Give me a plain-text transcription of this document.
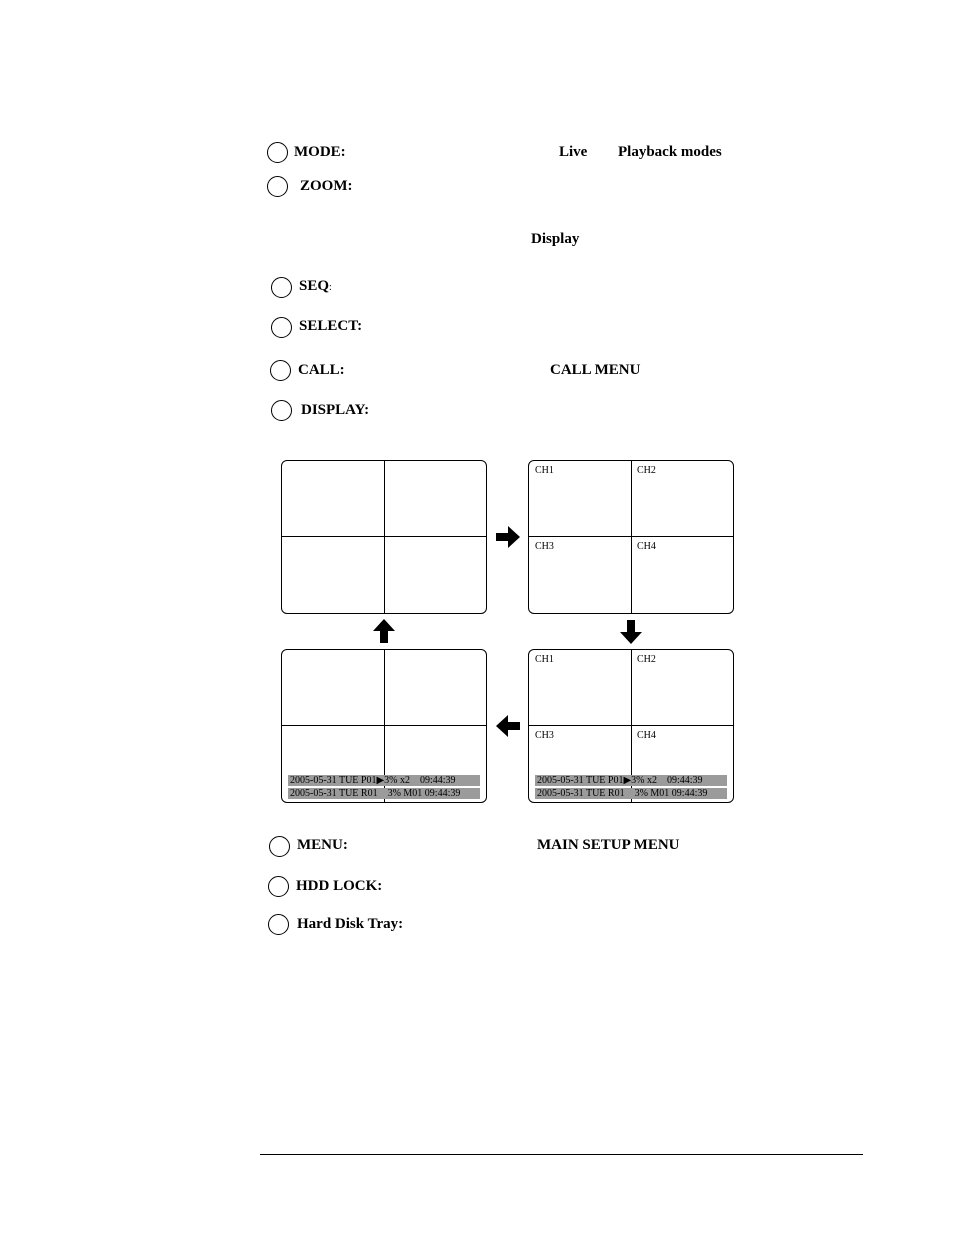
MODE:	Live Playback modes
ZOOM:
Display
SEQ:
SELECT:
CALL:	CALL MENU
DISPLAY:
CH1	CH2
CH3	CH4
CH1	CH2
CH3	CH4
2005-05-31 TUE P01▶3% x2    09:44:39
2005-05-31 TUE R01    3% M01 09:44:39
2005-05-31 TUE P01▶3% x2    09:44:39
2005-05-31 TUE R01    3% M01 09:44:39
MENU:	MAIN SETUP MENU
HDD LOCK:
Hard Disk Tray:
